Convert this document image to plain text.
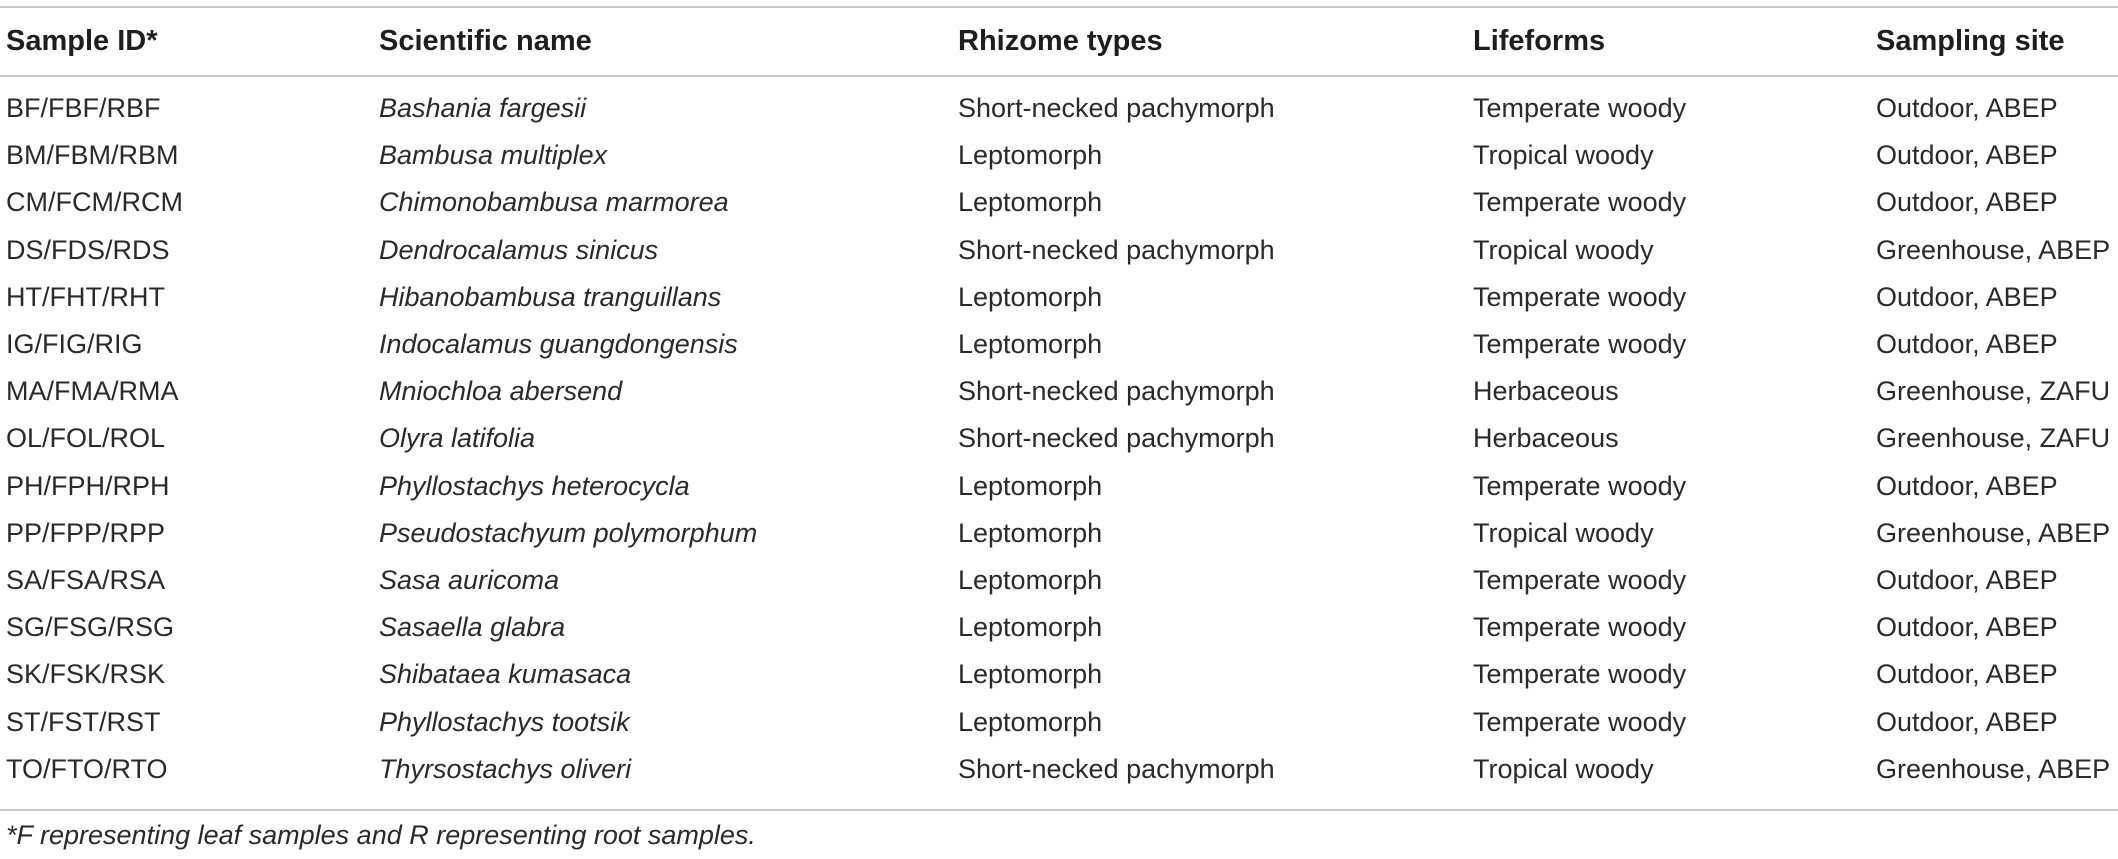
Sample ID*	Scientific name	Rhizome types	Lifeforms	Sampling site
BF/FBF/RBF	Bashania fargesii	Short-necked pachymorph	Temperate woody	Outdoor, ABEP
BM/FBM/RBM	Bambusa multiplex	Leptomorph	Tropical woody	Outdoor, ABEP
CM/FCM/RCM	Chimonobambusa marmorea	Leptomorph	Temperate woody	Outdoor, ABEP
DS/FDS/RDS	Dendrocalamus sinicus	Short-necked pachymorph	Tropical woody	Greenhouse, ABEP
HT/FHT/RHT	Hibanobambusa tranguillans	Leptomorph	Temperate woody	Outdoor, ABEP
IG/FIG/RIG	Indocalamus guangdongensis	Leptomorph	Temperate woody	Outdoor, ABEP
MA/FMA/RMA	Mniochloa abersend	Short-necked pachymorph	Herbaceous	Greenhouse, ZAFU
OL/FOL/ROL	Olyra latifolia	Short-necked pachymorph	Herbaceous	Greenhouse, ZAFU
PH/FPH/RPH	Phyllostachys heterocycla	Leptomorph	Temperate woody	Outdoor, ABEP
PP/FPP/RPP	Pseudostachyum polymorphum	Leptomorph	Tropical woody	Greenhouse, ABEP
SA/FSA/RSA	Sasa auricoma	Leptomorph	Temperate woody	Outdoor, ABEP
SG/FSG/RSG	Sasaella glabra	Leptomorph	Temperate woody	Outdoor, ABEP
SK/FSK/RSK	Shibataea kumasaca	Leptomorph	Temperate woody	Outdoor, ABEP
ST/FST/RST	Phyllostachys tootsik	Leptomorph	Temperate woody	Outdoor, ABEP
TO/FTO/RTO	Thyrsostachys oliveri	Short-necked pachymorph	Tropical woody	Greenhouse, ABEP
*F representing leaf samples and R representing root samples.
